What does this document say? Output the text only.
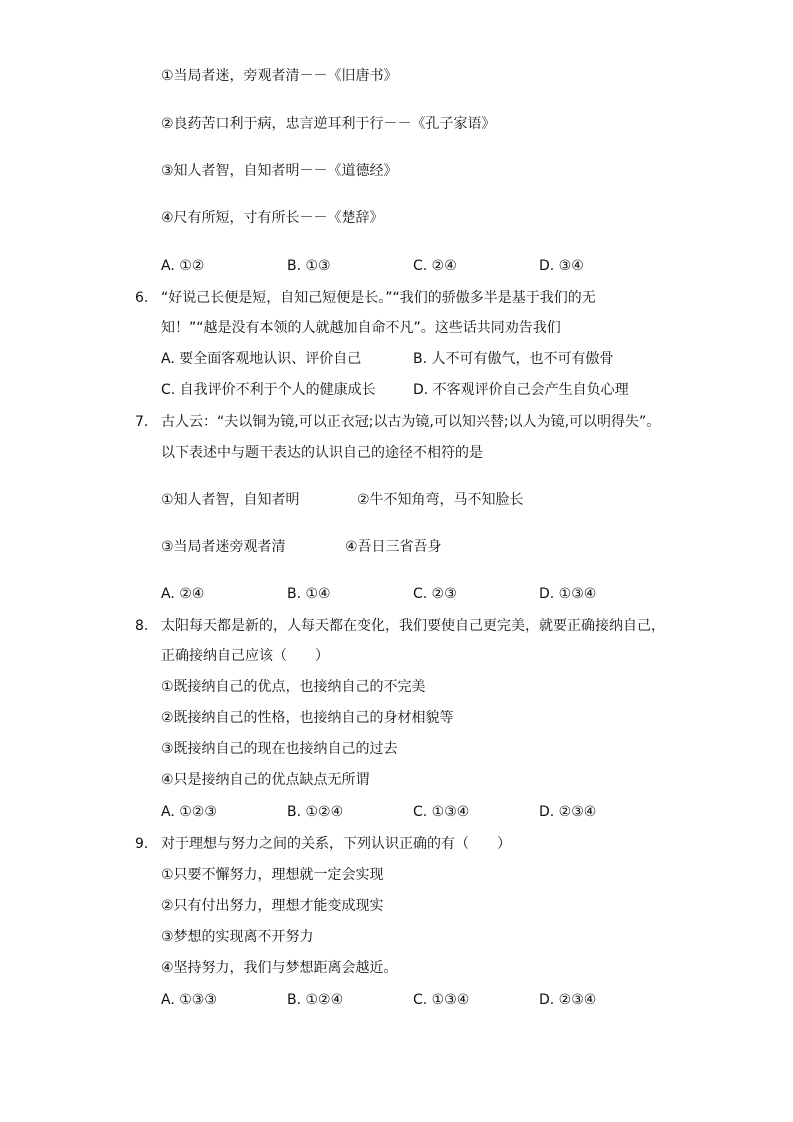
①当局者迷，旁观者清－－《旧唐书》
②良药苦口利于病，忠言逆耳利于行－－《孔子家语》
③知人者智，自知者明－－《道德经》
④尺有所短，寸有所长－－《楚辞》
A. ①②	B. ①③	C. ②④	D. ③④
6. “好说己长便是短，自知己短便是长。”“我们的骄傲多半是基于我们的无
知！”“越是没有本领的人就越加自命不凡”。这些话共同劝告我们
A. 要全面客观地认识、评价自己	B. 人不可有傲气，也不可有傲骨
C. 自我评价不利于个人的健康成长	D. 不客观评价自己会产生自负心理
7. 古人云：“夫以铜为镜,可以正衣冠;以古为镜,可以知兴替;以人为镜,可以明得失”。
以下表述中与题干表达的认识自己的途径不相符的是
①知人者智，自知者明	②牛不知角弯，马不知脸长
③当局者迷旁观者清	④吾日三省吾身
A. ②④	B. ①④	C. ②③	D. ①③④
8. 太阳每天都是新的，人每天都在变化，我们要使自己更完美，就要正确接纳自己，
正确接纳自己应该（　　）
①既接纳自己的优点，也接纳自己的不完美
②既接纳自己的性格，也接纳自己的身材相貌等
③既接纳自己的现在也接纳自己的过去
④只是接纳自己的优点缺点无所谓
A. ①②③	B. ①②④	C. ①③④	D. ②③④
9. 对于理想与努力之间的关系，下列认识正确的有（　　）
①只要不懈努力，理想就一定会实现
②只有付出努力，理想才能变成现实
③梦想的实现离不开努力
④坚持努力，我们与梦想距离会越近。
A. ①③③	B. ①②④	C. ①③④	D. ②③④
